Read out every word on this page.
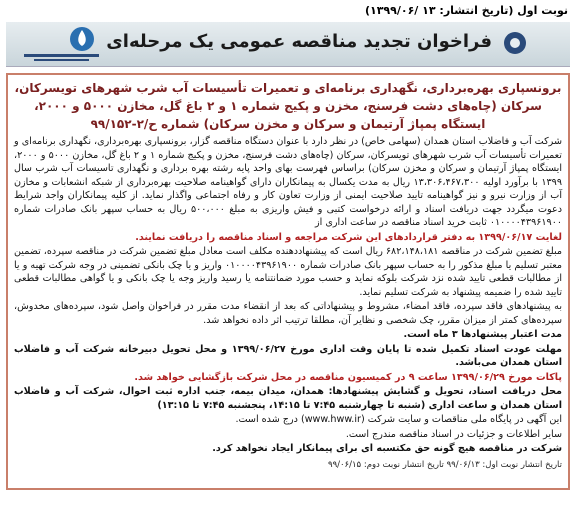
نوبت اول (تاریخ انتشار: ۱۳ /۱۳۹۹/۰۶)
فراخوان تجدید مناقصه عمومی یک مرحله‌ای
برونسپاری بهره‌برداری، نگهداری برنامه‌ای و تعمیرات تأسیسات آب شرب شهرهای تویسرکان، سرکان (چاه‌های دشت فرسنج، مخزن و پکیج شماره ۱ و ۲ باغ گل، مخازن ۵۰۰۰ و ۲۰۰۰، ایستگاه پمپاژ آرتیمان و سرکان و مخزن سرکان) شماره ح/۲-۹۹/۱۵۲

شرکت آب و فاضلاب استان همدان (سهامی خاص) در نظر دارد با عنوان دستگاه مناقصه گزار، برونسپاری بهره‌برداری، نگهداری برنامه‌ای و تعمیرات تأسیسات آب شرب شهرهای تویسرکان، سرکان (چاه‌های دشت فرسنج، مخزن و پکیج شماره ۱ و ۲ باغ گل، مخازن ۵۰۰۰ و ۲۰۰۰، ایستگاه پمپاژ آرتیمان و سرکان و مخزن سرکان) براساس فهرست بهای واحد پایه رشته بهره برداری و نگهداری تاسیسات آب شرب سال ۱۳۹۹ با برآورد اولیه ۱۳،۳۰۶،۴۶۷،۳۰۰ ریال به مدت یکسال به پیمانکاران دارای گواهینامه صلاحیت بهره‌برداری از شبکه انشعابات و مخازن آب از وزارت نیرو و نیز گواهینامه تایید صلاحیت ایمنی از وزارت تعاون کار و رفاه اجتماعی واگذار نماید. از کلیه پیمانکاران واجد شرایط دعوت میگردد جهت دریافت اسناد و ارائه درخواست کتبی و فیش واریزی به مبلغ ۵۰۰،۰۰۰ ریال به حساب سپهر بانک صادرات شماره ۰۱۰۰۰۰۴۳۹۶۱۹۰۰ ثابت خرید اسناد مناقصه در ساعت اداری از

لغایت ۱۳۹۹/۰۶/۱۷ به دفتر قراردادهای این شرکت مراجعه و اسناد مناقصه را دریافت نمایند.

مبلغ تضمین شرکت در مناقصه ۶۸۲،۱۴۸،۱۸۱ ریال است که پیشنهاددهنده مکلف است معادل مبلغ تضمین شرکت در مناقصه سپرده، تضمین معتبر تسلیم یا مبلغ مذکور را به حساب سپهر بانک صادرات شماره ۰۱۰۰۰۰۴۳۹۶۱۹۰۰ واریز و یا چک بانکی تضمینی در وجه شرکت تهیه و یا از مطالبات قطعی تایید شده نزد شرکت بلوکه نماید و حسب مورد ضمانتنامه یا رسید واریز وجه یا چک بانکی و یا گواهی مطالبات قطعی تایید شده را ضمیمه پیشنهاد به شرکت تسلیم نماید.

به پیشنهادهای فاقد سپرده، فاقد امضاء، مشروط و پیشنهاداتی که بعد از انقضاء مدت مقرر در فراخوان واصل شود، سپرده‌های مخدوش، سپرده‌های کمتر از میزان مقرر، چک شخصی و نظایر آن، مطلقا ترتیب اثر داده نخواهد شد.

مدت اعتبار پیشنهادها ۳ ماه است.

مهلت عودت اسناد تکمیل شده تا پایان وقت اداری مورخ ۱۳۹۹/۰۶/۲۷ و محل تحویل دبیرخانه شرکت آب و فاضلاب استان همدان می‌باشد.

پاکات مورخ ۱۳۹۹/۰۶/۲۹ ساعت ۹ در کمیسیون مناقصه در محل شرکت بازگشایی خواهد شد.

محل دریافت اسناد، تحویل و گشایش پیشنهادها: همدان، میدان بیمه، جنب اداره ثبت احوال، شرکت آب و فاضلاب استان همدان و ساعت اداری (شنبه تا چهارشنبه ۷:۴۵ تا ۱۴:۱۵، پنجشنبه ۷:۴۵ تا ۱۳:۱۵)

این آگهی در پایگاه ملی مناقصات و سایت شرکت (www.hww.ir) درج شده است.

سایر اطلاعات و جزئیات در اسناد مناقصه مندرج است.

شرکت در مناقصه هیچ گونه حق مکتسبه ای برای پیمانکار ایجاد نخواهد کرد.

تاریخ انتشار نوبت اول: ۹۹/۰۶/۱۳ تاریخ انتشار نوبت دوم: ۹۹/۰۶/۱۵
